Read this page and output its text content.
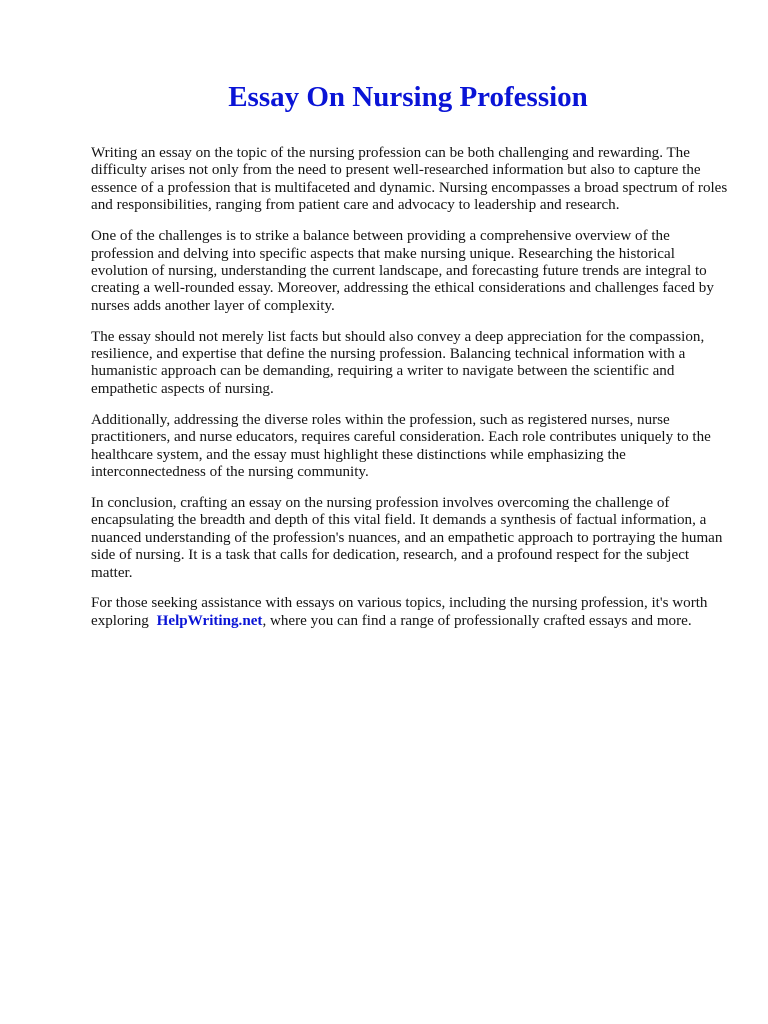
Essay On Nursing Profession

Writing an essay on the topic of the nursing profession can be both challenging and rewarding. The difficulty arises not only from the need to present well-researched information but also to capture the essence of a profession that is multifaceted and dynamic. Nursing encompasses a broad spectrum of roles and responsibilities, ranging from patient care and advocacy to leadership and research.

One of the challenges is to strike a balance between providing a comprehensive overview of the profession and delving into specific aspects that make nursing unique. Researching the historical evolution of nursing, understanding the current landscape, and forecasting future trends are integral to creating a well-rounded essay. Moreover, addressing the ethical considerations and challenges faced by nurses adds another layer of complexity.

The essay should not merely list facts but should also convey a deep appreciation for the compassion, resilience, and expertise that define the nursing profession. Balancing technical information with a humanistic approach can be demanding, requiring a writer to navigate between the scientific and empathetic aspects of nursing.

Additionally, addressing the diverse roles within the profession, such as registered nurses, nurse practitioners, and nurse educators, requires careful consideration. Each role contributes uniquely to the healthcare system, and the essay must highlight these distinctions while emphasizing the interconnectedness of the nursing community.

In conclusion, crafting an essay on the nursing profession involves overcoming the challenge of encapsulating the breadth and depth of this vital field. It demands a synthesis of factual information, a nuanced understanding of the profession's nuances, and an empathetic approach to portraying the human side of nursing. It is a task that calls for dedication, research, and a profound respect for the subject matter.

For those seeking assistance with essays on various topics, including the nursing profession, it's worth exploring HelpWriting.net, where you can find a range of professionally crafted essays and more.
